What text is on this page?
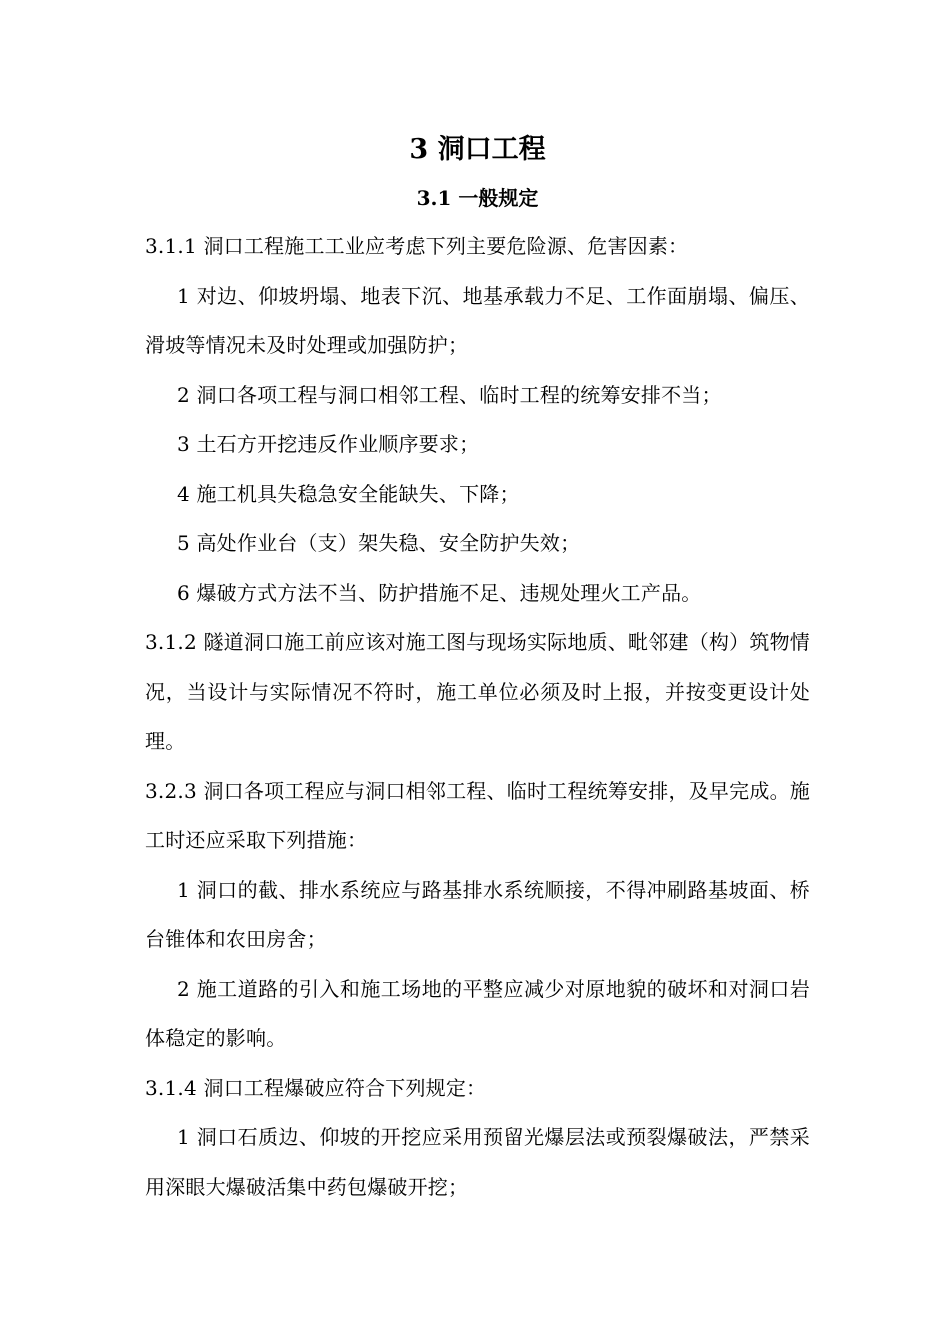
3 洞口工程
3.1 一般规定

3.1.1 洞口工程施工工业应考虑下列主要危险源、危害因素：

1 对边、仰坡坍塌、地表下沉、地基承载力不足、工作面崩塌、偏压、滑坡等情况未及时处理或加强防护；

2 洞口各项工程与洞口相邻工程、临时工程的统筹安排不当；

3 土石方开挖违反作业顺序要求；

4 施工机具失稳急安全能缺失、下降；

5 高处作业台（支）架失稳、安全防护失效；

6 爆破方式方法不当、防护措施不足、违规处理火工产品。

3.1.2 隧道洞口施工前应该对施工图与现场实际地质、毗邻建（构）筑物情况，当设计与实际情况不符时，施工单位必须及时上报，并按变更设计处理。

3.2.3 洞口各项工程应与洞口相邻工程、临时工程统筹安排，及早完成。施工时还应采取下列措施：

1 洞口的截、排水系统应与路基排水系统顺接，不得冲刷路基坡面、桥台锥体和农田房舍；

2 施工道路的引入和施工场地的平整应减少对原地貌的破坏和对洞口岩体稳定的影响。

3.1.4 洞口工程爆破应符合下列规定：

1 洞口石质边、仰坡的开挖应采用预留光爆层法或预裂爆破法，严禁采用深眼大爆破活集中药包爆破开挖；
